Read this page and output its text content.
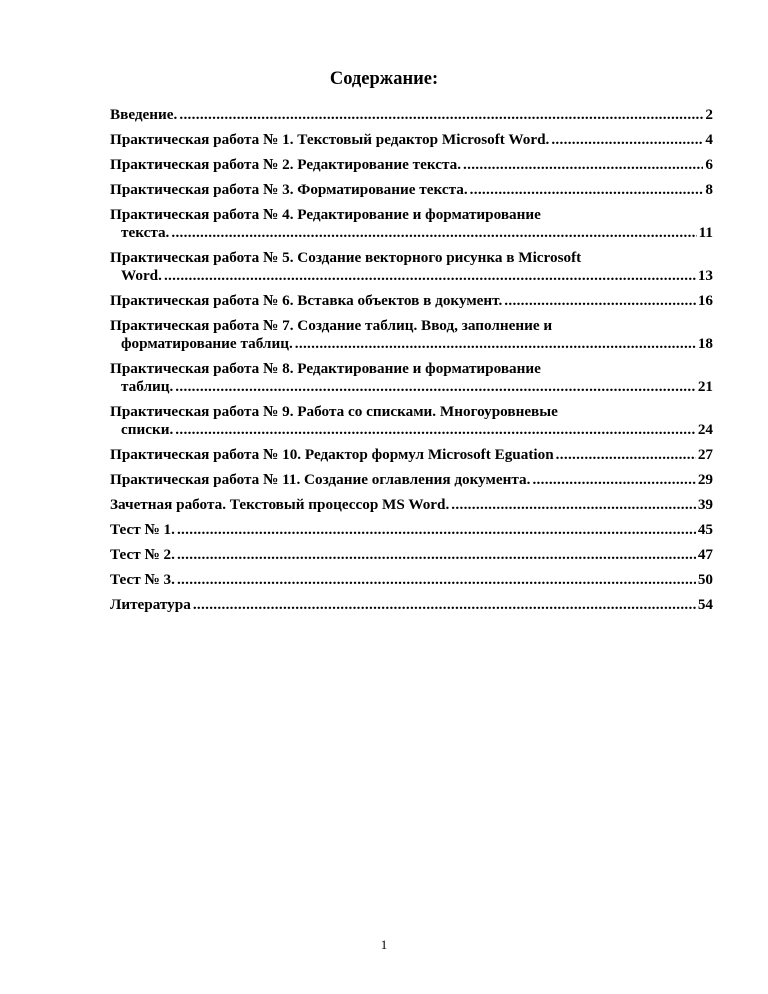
Содержание:
Введение. .....	2
Практическая работа № 1. Текстовый редактор Microsoft Word. .....	4
Практическая работа № 2. Редактирование текста. .....	6
Практическая работа № 3. Форматирование текста. .....	8
Практическая работа № 4. Редактирование и форматирование
текста. .....	11
Практическая работа № 5. Создание векторного рисунка в Microsoft
Word. .....	13
Практическая работа № 6. Вставка объектов в документ. .....	16
Практическая работа № 7. Создание таблиц. Ввод, заполнение и
форматирование таблиц. .....	18
Практическая работа № 8. Редактирование и форматирование
таблиц. .....	21
Практическая работа № 9. Работа со списками. Многоуровневые
списки. .....	24
Практическая работа № 10. Редактор формул Microsoft Eguation .....	27
Практическая работа № 11. Создание оглавления документа. .....	29
Зачетная работа. Текстовый процессор MS Word. .....	39
Тест № 1. .....	45
Тест № 2. .....	47
Тест № 3. .....	50
Литература .....	54
1
